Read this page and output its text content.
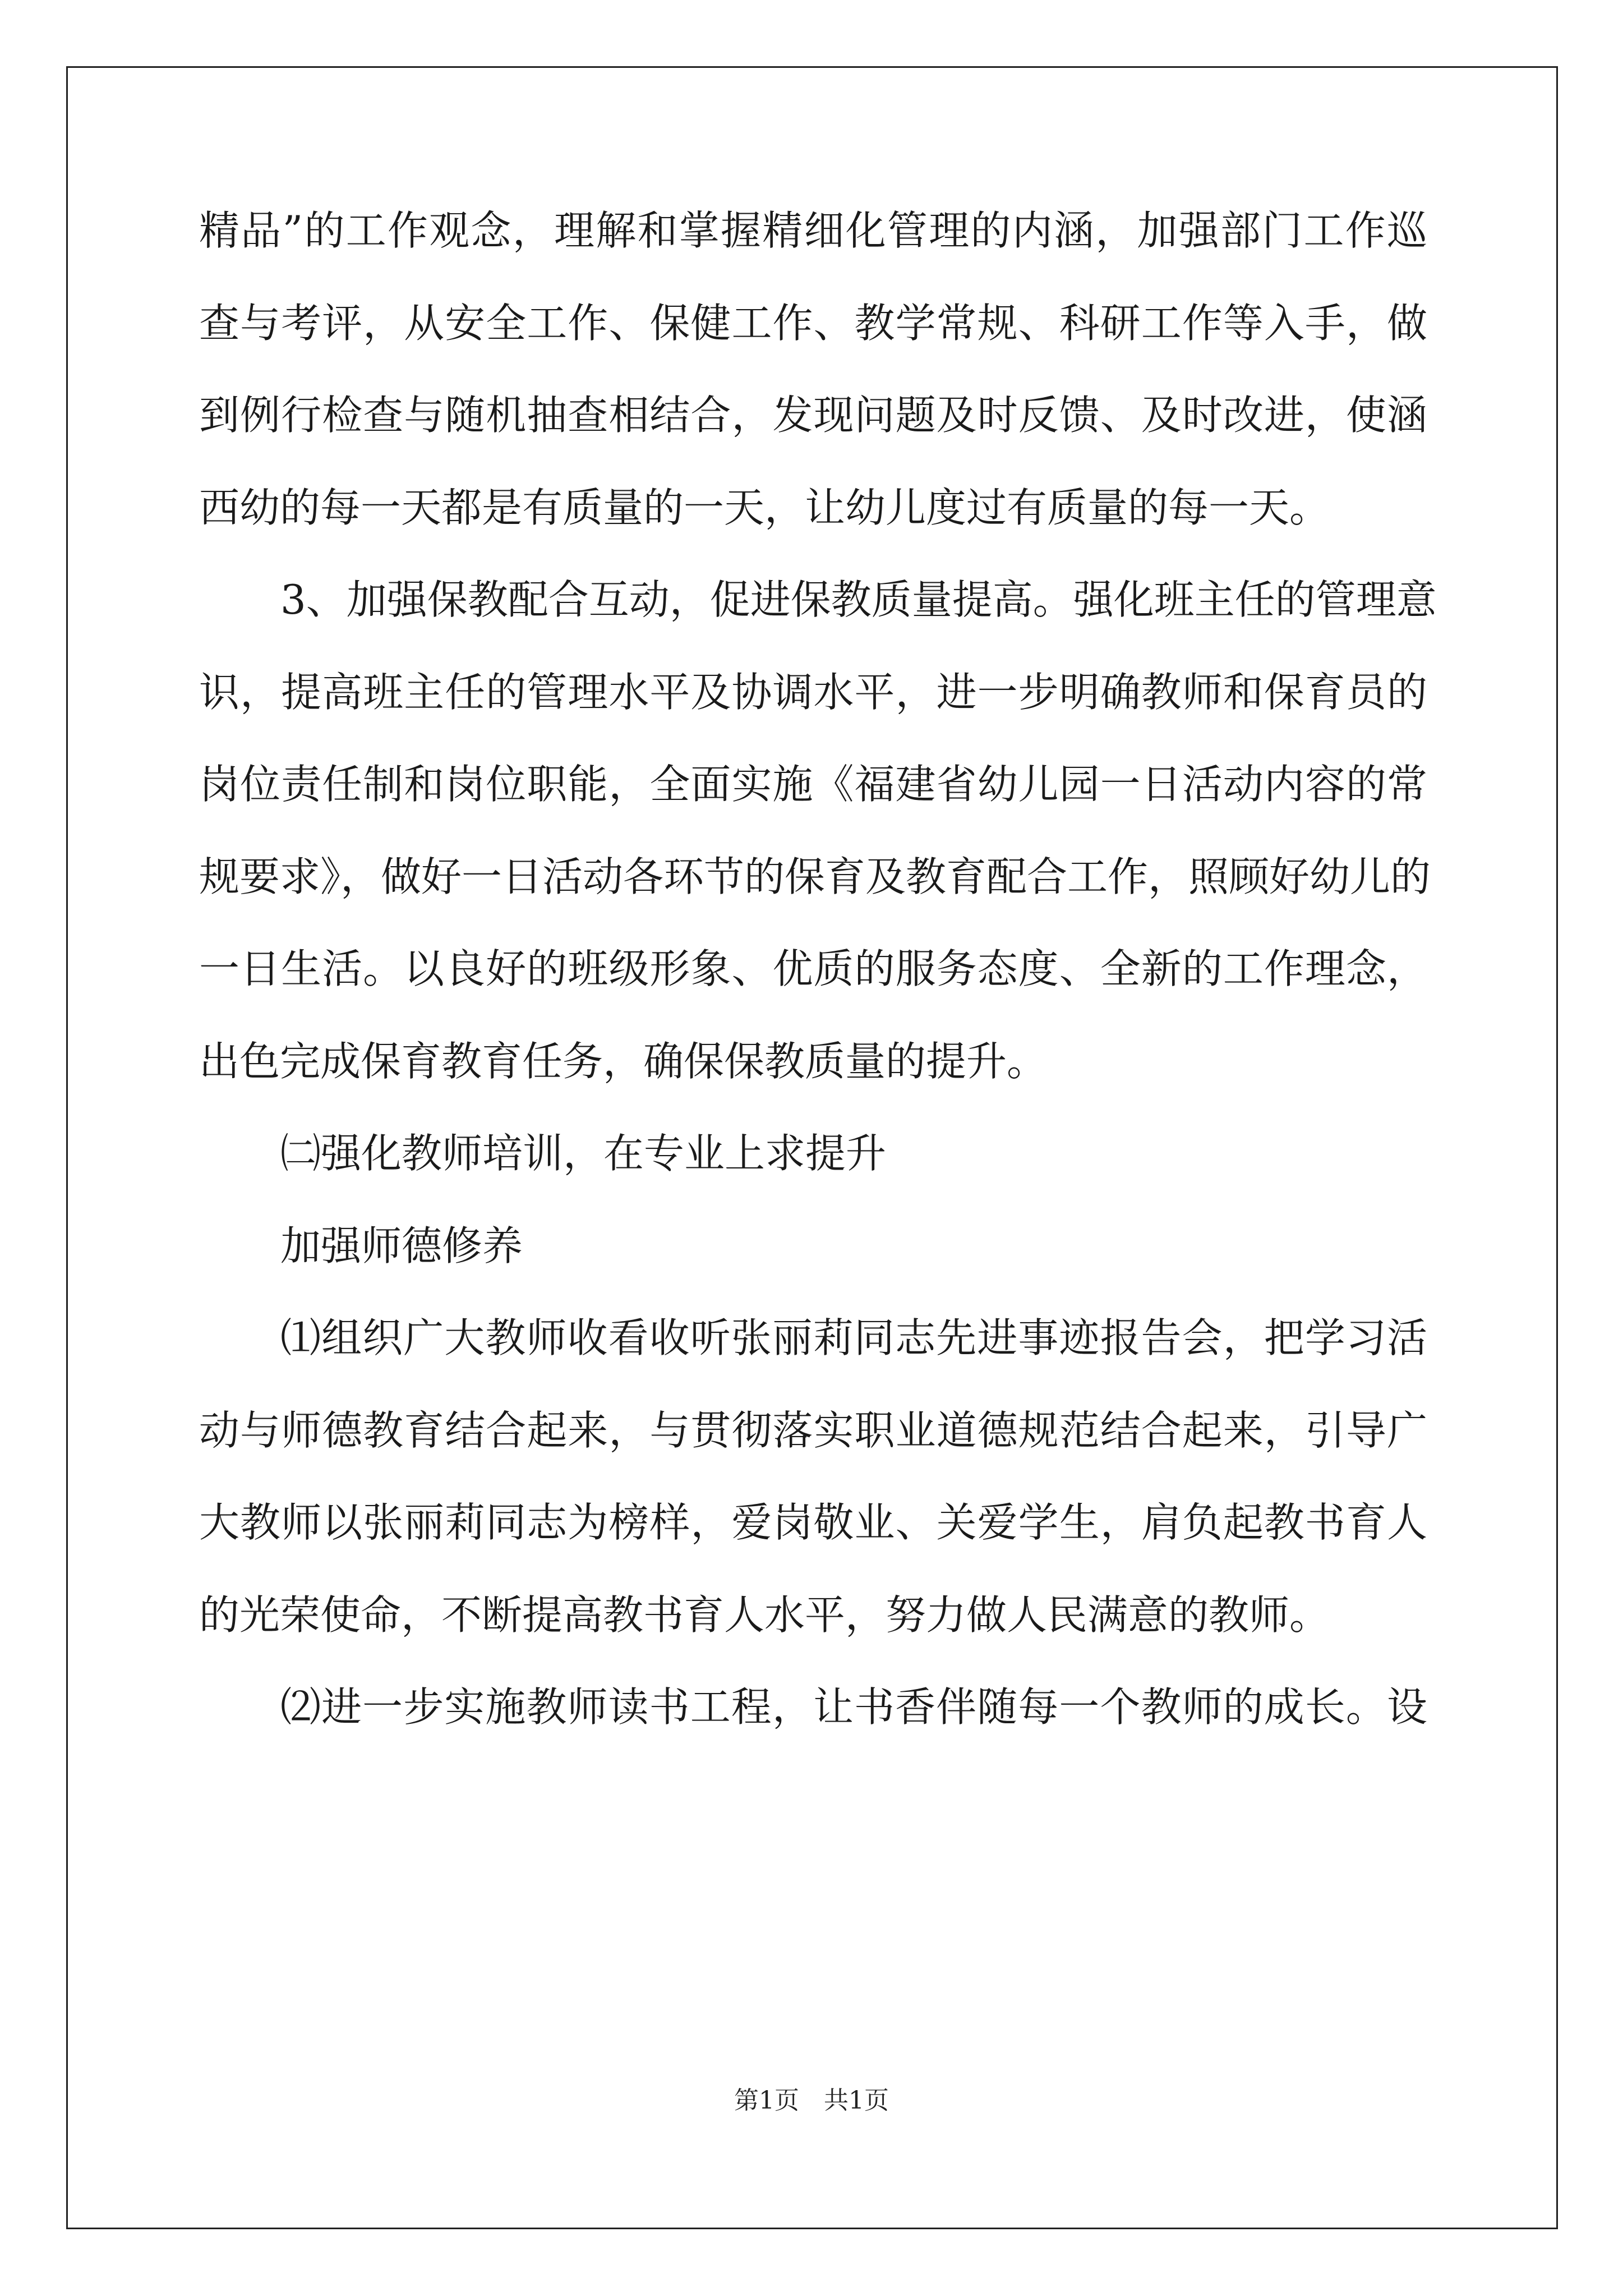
精品”的工作观念，理解和掌握精细化管理的内涵，加强部门工作巡
查与考评，从安全工作、保健工作、教学常规、科研工作等入手，做
到例行检查与随机抽查相结合，发现问题及时反馈、及时改进，使涵
西幼的每一天都是有质量的一天，让幼儿度过有质量的每一天。
3、加强保教配合互动，促进保教质量提高。强化班主任的管理意
识，提高班主任的管理水平及协调水平，进一步明确教师和保育员的
岗位责任制和岗位职能，全面实施《福建省幼儿园一日活动内容的常
规要求》，做好一日活动各环节的保育及教育配合工作，照顾好幼儿的
一日生活。以良好的班级形象、优质的服务态度、全新的工作理念，
出色完成保育教育任务，确保保教质量的提升。
㈡强化教师培训，在专业上求提升
加强师德修养
⑴组织广大教师收看收听张丽莉同志先进事迹报告会，把学习活
动与师德教育结合起来，与贯彻落实职业道德规范结合起来，引导广
大教师以张丽莉同志为榜样，爱岗敬业、关爱学生，肩负起教书育人
的光荣使命，不断提高教书育人水平，努力做人民满意的教师。
⑵进一步实施教师读书工程，让书香伴随每一个教师的成长。设
第1页　共1页
